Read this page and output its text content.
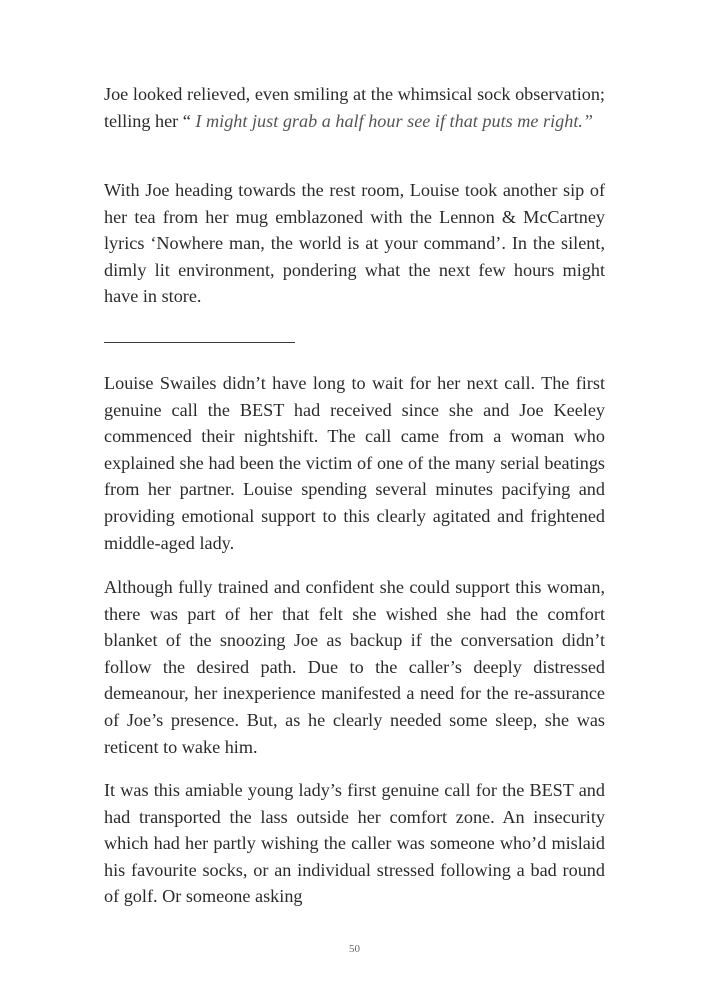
Joe looked relieved, even smiling at the whimsical sock observation; telling her “ I might just grab a half hour see if that puts me right.”

With Joe heading towards the rest room, Louise took another sip of her tea from her mug emblazoned with the Lennon & McCartney lyrics ‘Nowhere man, the world is at your command’. In the silent, dimly lit environment, pondering what the next few hours might have in store.

Louise Swailes didn’t have long to wait for her next call. The first genuine call the BEST had received since she and Joe Keeley commenced their nightshift. The call came from a woman who explained she had been the victim of one of the many serial beatings from her partner. Louise spending several minutes pacifying and providing emotional support to this clearly agitated and frightened middle-aged lady.

Although fully trained and confident she could support this woman, there was part of her that felt she wished she had the comfort blanket of the snoozing Joe as backup if the conversation didn’t follow the desired path. Due to the caller’s deeply distressed demeanour, her inexperience manifested a need for the re-assurance of Joe’s presence. But, as he clearly needed some sleep, she was reticent to wake him.

It was this amiable young lady’s first genuine call for the BEST and had transported the lass outside her comfort zone. An insecurity which had her partly wishing the caller was someone who’d mislaid his favourite socks, or an individual stressed following a bad round of golf. Or someone asking

50
